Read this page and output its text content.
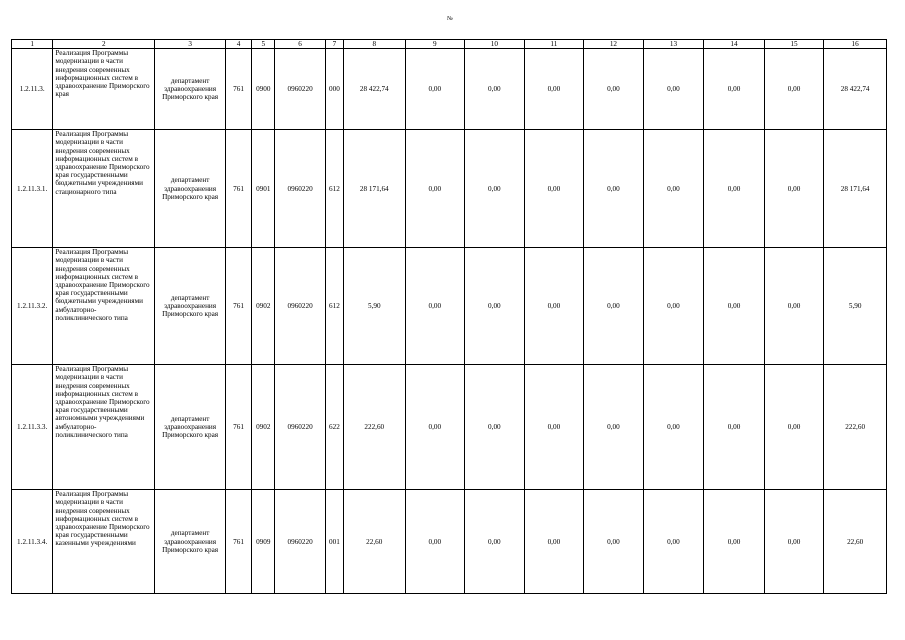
№
1	2	3	4	5	6	7	8	9	10	11	12	13	14	15	16
1.2.11.3.	Реализация Программы модернизации в части внедрения современных информационных систем в здравоохранение Приморского края	департамент здравоохранения Приморского края	761	0900	0960220	000	28 422,74	0,00	0,00	0,00	0,00	0,00	0,00	0,00	28 422,74
1.2.11.3.1.	Реализация Программы модернизации в части внедрения современных информационных систем в здравоохранение Приморского края государственными бюджетными учреждениями стационарного типа	департамент здравоохранения Приморского края	761	0901	0960220	612	28 171,64	0,00	0,00	0,00	0,00	0,00	0,00	0,00	28 171,64
1.2.11.3.2.	Реализация Программы модернизации в части внедрения современных информационных систем в здравоохранение Приморского края государственными бюджетными учреждениями амбулаторно-поликлинического типа	департамент здравоохранения Приморского края	761	0902	0960220	612	5,90	0,00	0,00	0,00	0,00	0,00	0,00	0,00	5,90
1.2.11.3.3.	Реализация Программы модернизации в части внедрения современных информационных систем в здравоохранение Приморского края государственными автономными учреждениями амбулаторно-поликлинического типа	департамент здравоохранения Приморского края	761	0902	0960220	622	222,60	0,00	0,00	0,00	0,00	0,00	0,00	0,00	222,60
1.2.11.3.4.	Реализация Программы модернизации в части внедрения современных информационных систем в здравоохранение Приморского края государственными казенными учреждениями	департамент здравоохранения Приморского края	761	0909	0960220	001	22,60	0,00	0,00	0,00	0,00	0,00	0,00	0,00	22,60
